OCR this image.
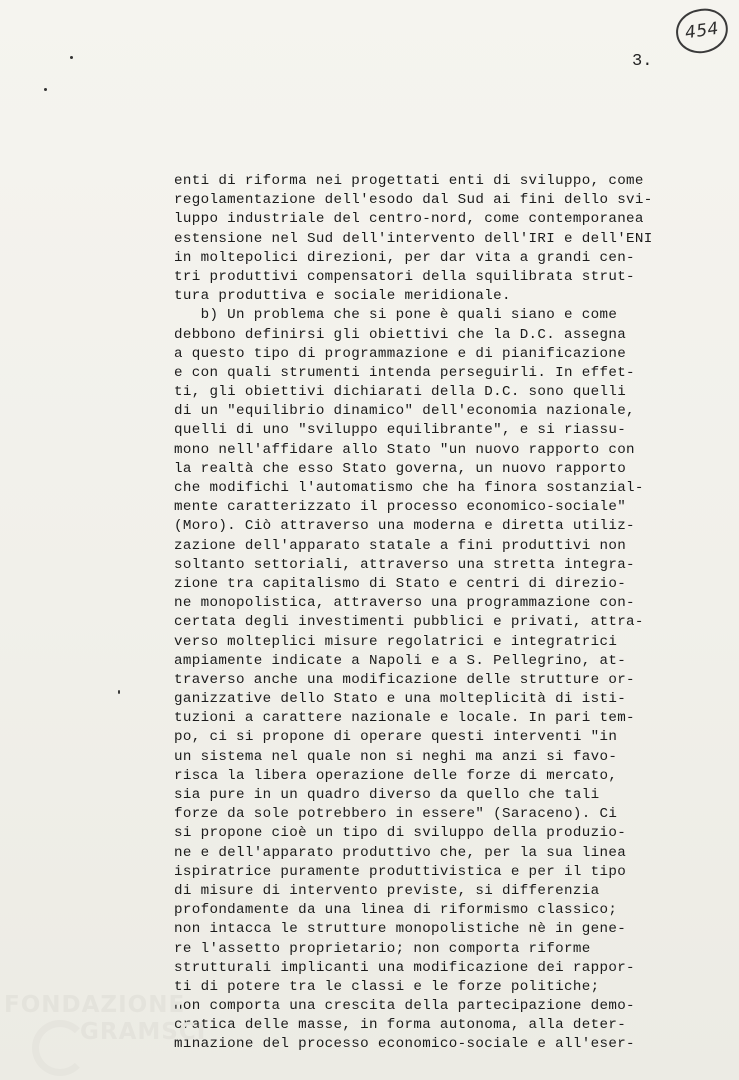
454
3.
enti di riforma nei progettati enti di sviluppo, come
regolamentazione dell'esodo dal Sud ai fini dello svi-
luppo industriale del centro-nord, come contemporanea
estensione nel Sud dell'intervento dell'IRI e dell'ENI
in moltepolici direzioni, per dar vita a grandi cen-
tri produttivi compensatori della squilibrata strut-
tura produttiva e sociale meridionale.
b) Un problema che si pone è quali siano e come
debbono definirsi gli obiettivi che la D.C. assegna
a questo tipo di programmazione e di pianificazione
e con quali strumenti intenda perseguirli. In effet-
ti, gli obiettivi dichiarati della D.C. sono quelli
di un "equilibrio dinamico" dell'economia nazionale,
quelli di uno "sviluppo equilibrante", e si riassu-
mono nell'affidare allo Stato "un nuovo rapporto con
la realtà che esso Stato governa, un nuovo rapporto
che modifichi l'automatismo che ha finora sostanzial-
mente caratterizzato il processo economico-sociale"
(Moro). Ciò attraverso una moderna e diretta utiliz-
zazione dell'apparato statale a fini produttivi non
soltanto settoriali, attraverso una stretta integra-
zione tra capitalismo di Stato e centri di direzio-
ne monopolistica, attraverso una programmazione con-
certata degli investimenti pubblici e privati, attra-
verso molteplici misure regolatrici e integratrici
ampiamente indicate a Napoli e a S. Pellegrino, at-
traverso anche una modificazione delle strutture or-
ganizzative dello Stato e una molteplicità di isti-
tuzioni a carattere nazionale e locale. In pari tem-
po, ci si propone di operare questi interventi "in
un sistema nel quale non si neghi ma anzi si favo-
risca la libera operazione delle forze di mercato,
sia pure in un quadro diverso da quello che tali
forze da sole potrebbero in essere" (Saraceno). Ci
si propone cioè un tipo di sviluppo della produzio-
ne e dell'apparato produttivo che, per la sua linea
ispiratrice puramente produttivistica e per il tipo
di misure di intervento previste, si differenzia
profondamente da una linea di riformismo classico;
non intacca le strutture monopolistiche nè in gene-
re l'assetto proprietario; non comporta riforme
strutturali implicanti una modificazione dei rappor-
ti di potere tra le classi e le forze politiche;
non comporta una crescita della partecipazione demo-
cratica delle masse, in forma autonoma, alla deter-
minazione del processo economico-sociale e all'eser-
FONDAZIONE
GRAMSCI
